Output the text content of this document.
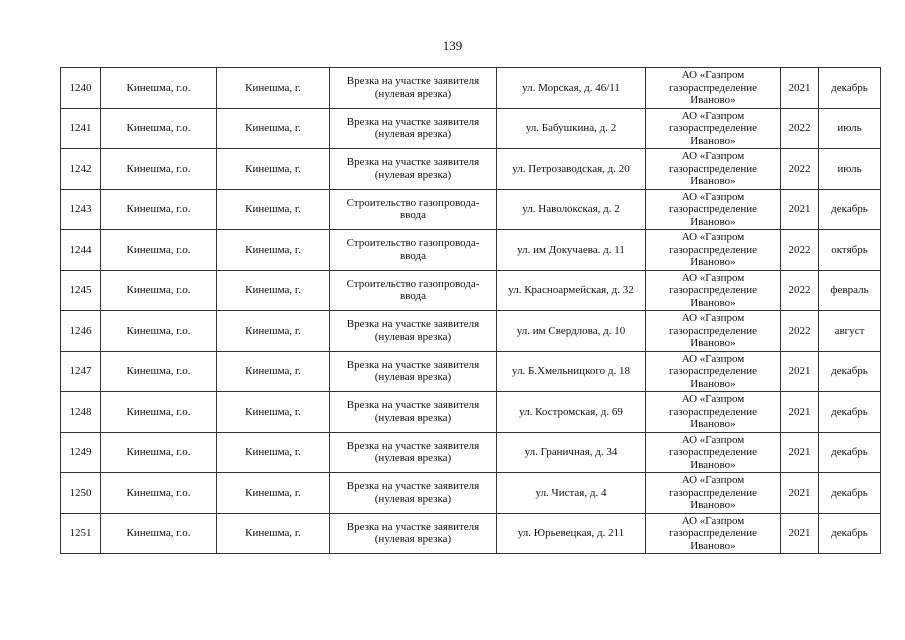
139
1240	Кинешма, г.о.	Кинешма, г.	Врезка на участке заявителя
(нулевая врезка)	ул. Морская, д. 46/11	АО «Газпром
газораспределение
Иваново»	2021	декабрь
1241	Кинешма, г.о.	Кинешма, г.	Врезка на участке заявителя
(нулевая врезка)	ул. Бабушкина, д. 2	АО «Газпром
газораспределение
Иваново»	2022	июль
1242	Кинешма, г.о.	Кинешма, г.	Врезка на участке заявителя
(нулевая врезка)	ул. Петрозаводская, д. 20	АО «Газпром
газораспределение
Иваново»	2022	июль
1243	Кинешма, г.о.	Кинешма, г.	Строительство газопровода-
ввода	ул. Наволокская, д. 2	АО «Газпром
газораспределение
Иваново»	2021	декабрь
1244	Кинешма, г.о.	Кинешма, г.	Строительство газопровода-
ввода	ул. им Докучаева. д. 11	АО «Газпром
газораспределение
Иваново»	2022	октябрь
1245	Кинешма, г.о.	Кинешма, г.	Строительство газопровода-
ввода	ул. Красноармейская, д. 32	АО «Газпром
газораспределение
Иваново»	2022	февраль
1246	Кинешма, г.о.	Кинешма, г.	Врезка на участке заявителя
(нулевая врезка)	ул. им Свердлова, д. 10	АО «Газпром
газораспределение
Иваново»	2022	август
1247	Кинешма, г.о.	Кинешма, г.	Врезка на участке заявителя
(нулевая врезка)	ул. Б.Хмельницкого д. 18	АО «Газпром
газораспределение
Иваново»	2021	декабрь
1248	Кинешма, г.о.	Кинешма, г.	Врезка на участке заявителя
(нулевая врезка)	ул. Костромская, д. 69	АО «Газпром
газораспределение
Иваново»	2021	декабрь
1249	Кинешма, г.о.	Кинешма, г.	Врезка на участке заявителя
(нулевая врезка)	ул. Граничная, д. 34	АО «Газпром
газораспределение
Иваново»	2021	декабрь
1250	Кинешма, г.о.	Кинешма, г.	Врезка на участке заявителя
(нулевая врезка)	ул. Чистая, д. 4	АО «Газпром
газораспределение
Иваново»	2021	декабрь
1251	Кинешма, г.о.	Кинешма, г.	Врезка на участке заявителя
(нулевая врезка)	ул. Юрьевецкая, д. 211	АО «Газпром
газораспределение
Иваново»	2021	декабрь
